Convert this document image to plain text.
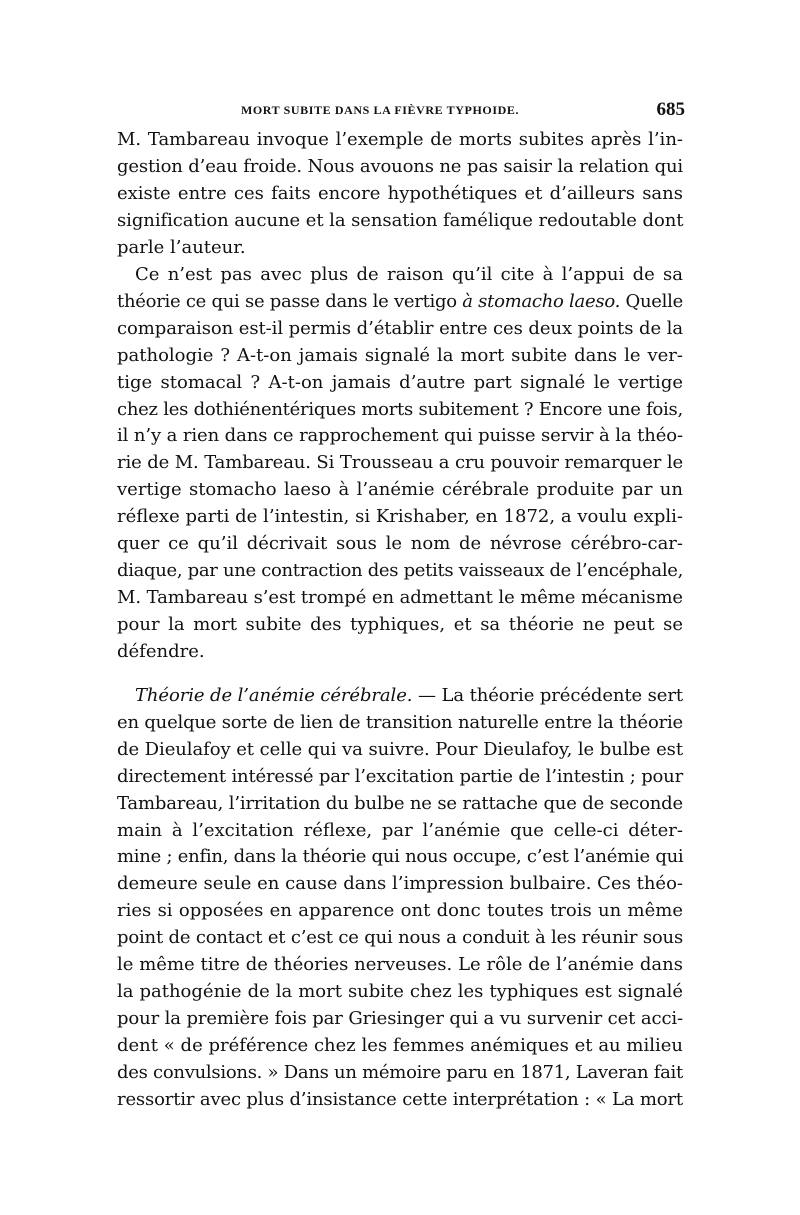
MORT SUBITE DANS LA FIÈVRE TYPHOIDE.	685
M. Tambareau invoque l’exemple de morts subites après l’in-
gestion d’eau froide. Nous avouons ne pas saisir la relation qui
existe entre ces faits encore hypothétiques et d’ailleurs sans
signification aucune et la sensation famélique redoutable dont
parle l’auteur.
Ce n’est pas avec plus de raison qu’il cite à l’appui de sa
théorie ce qui se passe dans le vertigo à stomacho laeso. Quelle
comparaison est-il permis d’établir entre ces deux points de la
pathologie ? A-t-on jamais signalé la mort subite dans le ver-
tige stomacal ? A-t-on jamais d’autre part signalé le vertige
chez les dothiénentériques morts subitement ? Encore une fois,
il n’y a rien dans ce rapprochement qui puisse servir à la théo-
rie de M. Tambareau. Si Trousseau a cru pouvoir remarquer le
vertige stomacho laeso à l’anémie cérébrale produite par un
réflexe parti de l’intestin, si Krishaber, en 1872, a voulu expli-
quer ce qu’il décrivait sous le nom de névrose cérébro-car-
diaque, par une contraction des petits vaisseaux de l’encéphale,
M. Tambareau s’est trompé en admettant le même mécanisme
pour la mort subite des typhiques, et sa théorie ne peut se
défendre.
Théorie de l’anémie cérébrale. — La théorie précédente sert
en quelque sorte de lien de transition naturelle entre la théorie
de Dieulafoy et celle qui va suivre. Pour Dieulafoy, le bulbe est
directement intéressé par l’excitation partie de l’intestin ; pour
Tambareau, l’irritation du bulbe ne se rattache que de seconde
main à l’excitation réflexe, par l’anémie que celle-ci déter-
mine ; enfin, dans la théorie qui nous occupe, c’est l’anémie qui
demeure seule en cause dans l’impression bulbaire. Ces théo-
ries si opposées en apparence ont donc toutes trois un même
point de contact et c’est ce qui nous a conduit à les réunir sous
le même titre de théories nerveuses. Le rôle de l’anémie dans
la pathogénie de la mort subite chez les typhiques est signalé
pour la première fois par Griesinger qui a vu survenir cet acci-
dent « de préférence chez les femmes anémiques et au milieu
des convulsions. » Dans un mémoire paru en 1871, Laveran fait
ressortir avec plus d’insistance cette interprétation : « La mort
